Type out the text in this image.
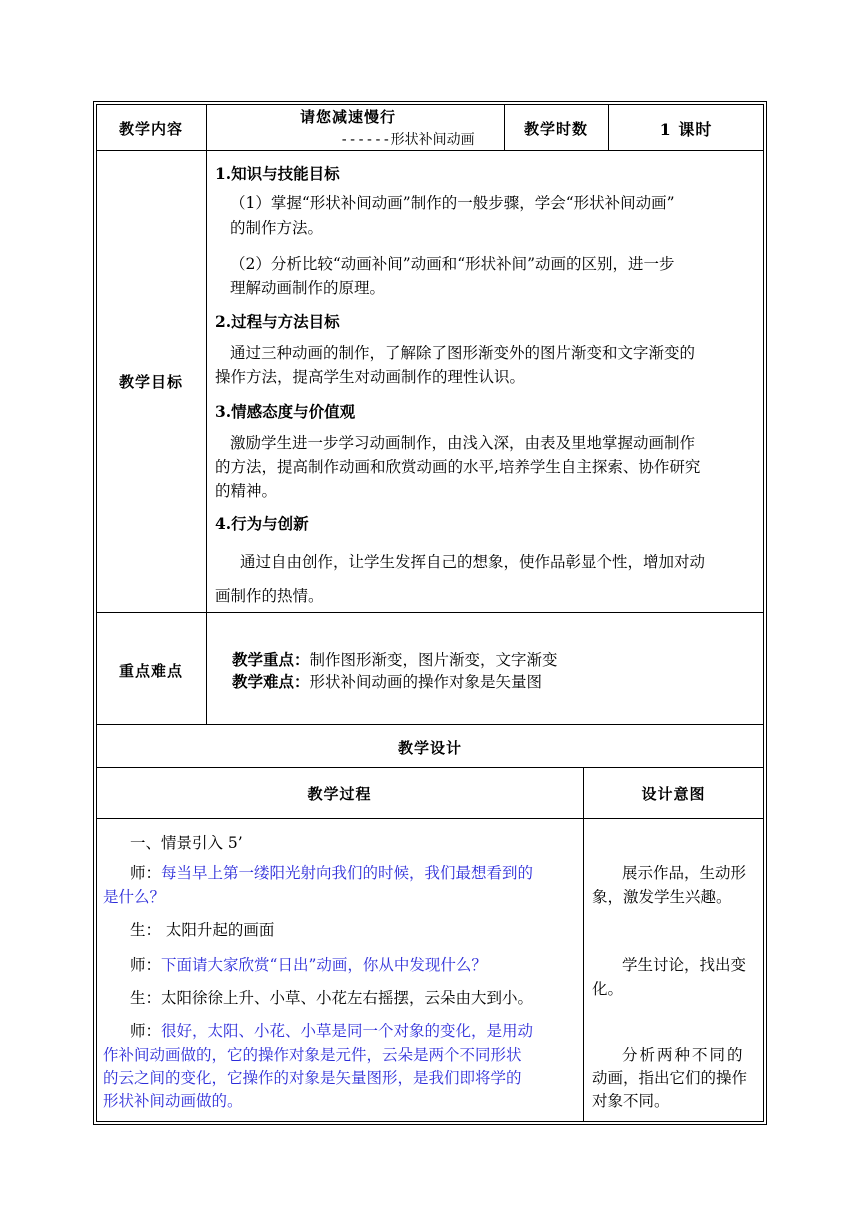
教学内容
请您减速慢行
------形状补间动画
教学时数	1 课时
教学目标
1.知识与技能目标
（1）掌握“形状补间动画”制作的一般步骤，学会“形状补间动画”
的制作方法。
（2）分析比较“动画补间”动画和“形状补间”动画的区别，进一步
理解动画制作的原理。
2.过程与方法目标
通过三种动画的制作，了解除了图形渐变外的图片渐变和文字渐变的
操作方法，提高学生对动画制作的理性认识。
3.情感态度与价值观
激励学生进一步学习动画制作，由浅入深，由表及里地掌握动画制作
的方法，提高制作动画和欣赏动画的水平,培养学生自主探索、协作研究
的精神。
4.行为与创新
通过自由创作，让学生发挥自己的想象，使作品彰显个性，增加对动
画制作的热情。
重点难点
教学重点：制作图形渐变，图片渐变，文字渐变
教学难点：形状补间动画的操作对象是矢量图
教学设计
教学过程	设计意图
一、情景引入 5’
师：每当早上第一缕阳光射向我们的时候，我们最想看到的
是什么？
生： 太阳升起的画面
师：下面请大家欣赏“日出”动画，你从中发现什么？
生：太阳徐徐上升、小草、小花左右摇摆，云朵由大到小。
师：很好，太阳、小花、小草是同一个对象的变化，是用动
作补间动画做的，它的操作对象是元件，云朵是两个不同形状
的云之间的变化，它操作的对象是矢量图形，是我们即将学的
形状补间动画做的。
展示作品，生动形
象，激发学生兴趣。
学生讨论，找出变
化。
分析两种不同的
动画，指出它们的操作
对象不同。
